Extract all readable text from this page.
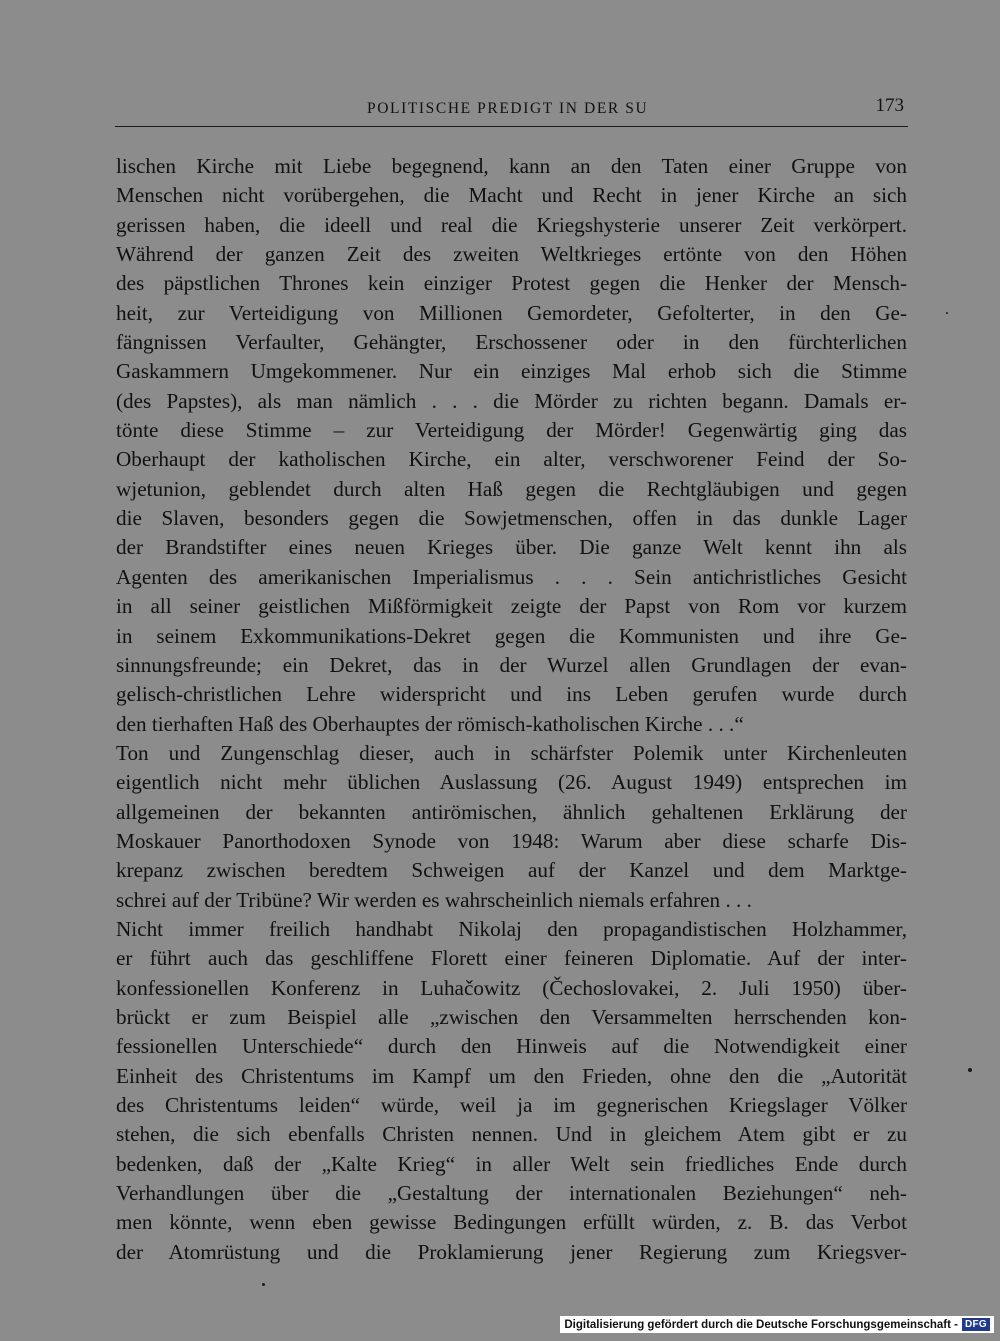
POLITISCHE PREDIGT IN DER SU	173
lischen Kirche mit Liebe begegnend, kann an den Taten einer Gruppe von
Menschen nicht vorübergehen, die Macht und Recht in jener Kirche an sich
gerissen haben, die ideell und real die Kriegshysterie unserer Zeit verkörpert.
Während der ganzen Zeit des zweiten Weltkrieges ertönte von den Höhen
des päpstlichen Thrones kein einziger Protest gegen die Henker der Mensch-
heit, zur Verteidigung von Millionen Gemordeter, Gefolterter, in den Ge-
fängnissen Verfaulter, Gehängter, Erschossener oder in den fürchterlichen
Gaskammern Umgekommener. Nur ein einziges Mal erhob sich die Stimme
(des Papstes), als man nämlich . . . die Mörder zu richten begann. Damals er-
tönte diese Stimme – zur Verteidigung der Mörder! Gegenwärtig ging das
Oberhaupt der katholischen Kirche, ein alter, verschworener Feind der So-
wjetunion, geblendet durch alten Haß gegen die Rechtgläubigen und gegen
die Slaven, besonders gegen die Sowjetmenschen, offen in das dunkle Lager
der Brandstifter eines neuen Krieges über. Die ganze Welt kennt ihn als
Agenten des amerikanischen Imperialismus . . . Sein antichristliches Gesicht
in all seiner geistlichen Mißförmigkeit zeigte der Papst von Rom vor kurzem
in seinem Exkommunikations-Dekret gegen die Kommunisten und ihre Ge-
sinnungsfreunde; ein Dekret, das in der Wurzel allen Grundlagen der evan-
gelisch-christlichen Lehre widerspricht und ins Leben gerufen wurde durch
den tierhaften Haß des Oberhauptes der römisch-katholischen Kirche . . .“
Ton und Zungenschlag dieser, auch in schärfster Polemik unter Kirchenleuten
eigentlich nicht mehr üblichen Auslassung (26. August 1949) entsprechen im
allgemeinen der bekannten antirömischen, ähnlich gehaltenen Erklärung der
Moskauer Panorthodoxen Synode von 1948: Warum aber diese scharfe Dis-
krepanz zwischen beredtem Schweigen auf der Kanzel und dem Marktge-
schrei auf der Tribüne? Wir werden es wahrscheinlich niemals erfahren . . .
Nicht immer freilich handhabt Nikolaj den propagandistischen Holzhammer,
er führt auch das geschliffene Florett einer feineren Diplomatie. Auf der inter-
konfessionellen Konferenz in Luhačowitz (Čechoslovakei, 2. Juli 1950) über-
brückt er zum Beispiel alle „zwischen den Versammelten herrschenden kon-
fessionellen Unterschiede“ durch den Hinweis auf die Notwendigkeit einer
Einheit des Christentums im Kampf um den Frieden, ohne den die „Autorität
des Christentums leiden“ würde, weil ja im gegnerischen Kriegslager Völker
stehen, die sich ebenfalls Christen nennen. Und in gleichem Atem gibt er zu
bedenken, daß der „Kalte Krieg“ in aller Welt sein friedliches Ende durch
Verhandlungen über die „Gestaltung der internationalen Beziehungen“ neh-
men könnte, wenn eben gewisse Bedingungen erfüllt würden, z. B. das Verbot
der Atomrüstung und die Proklamierung jener Regierung zum Kriegsver-
Digitalisierung gefördert durch die Deutsche Forschungsgemeinschaft - DFG
